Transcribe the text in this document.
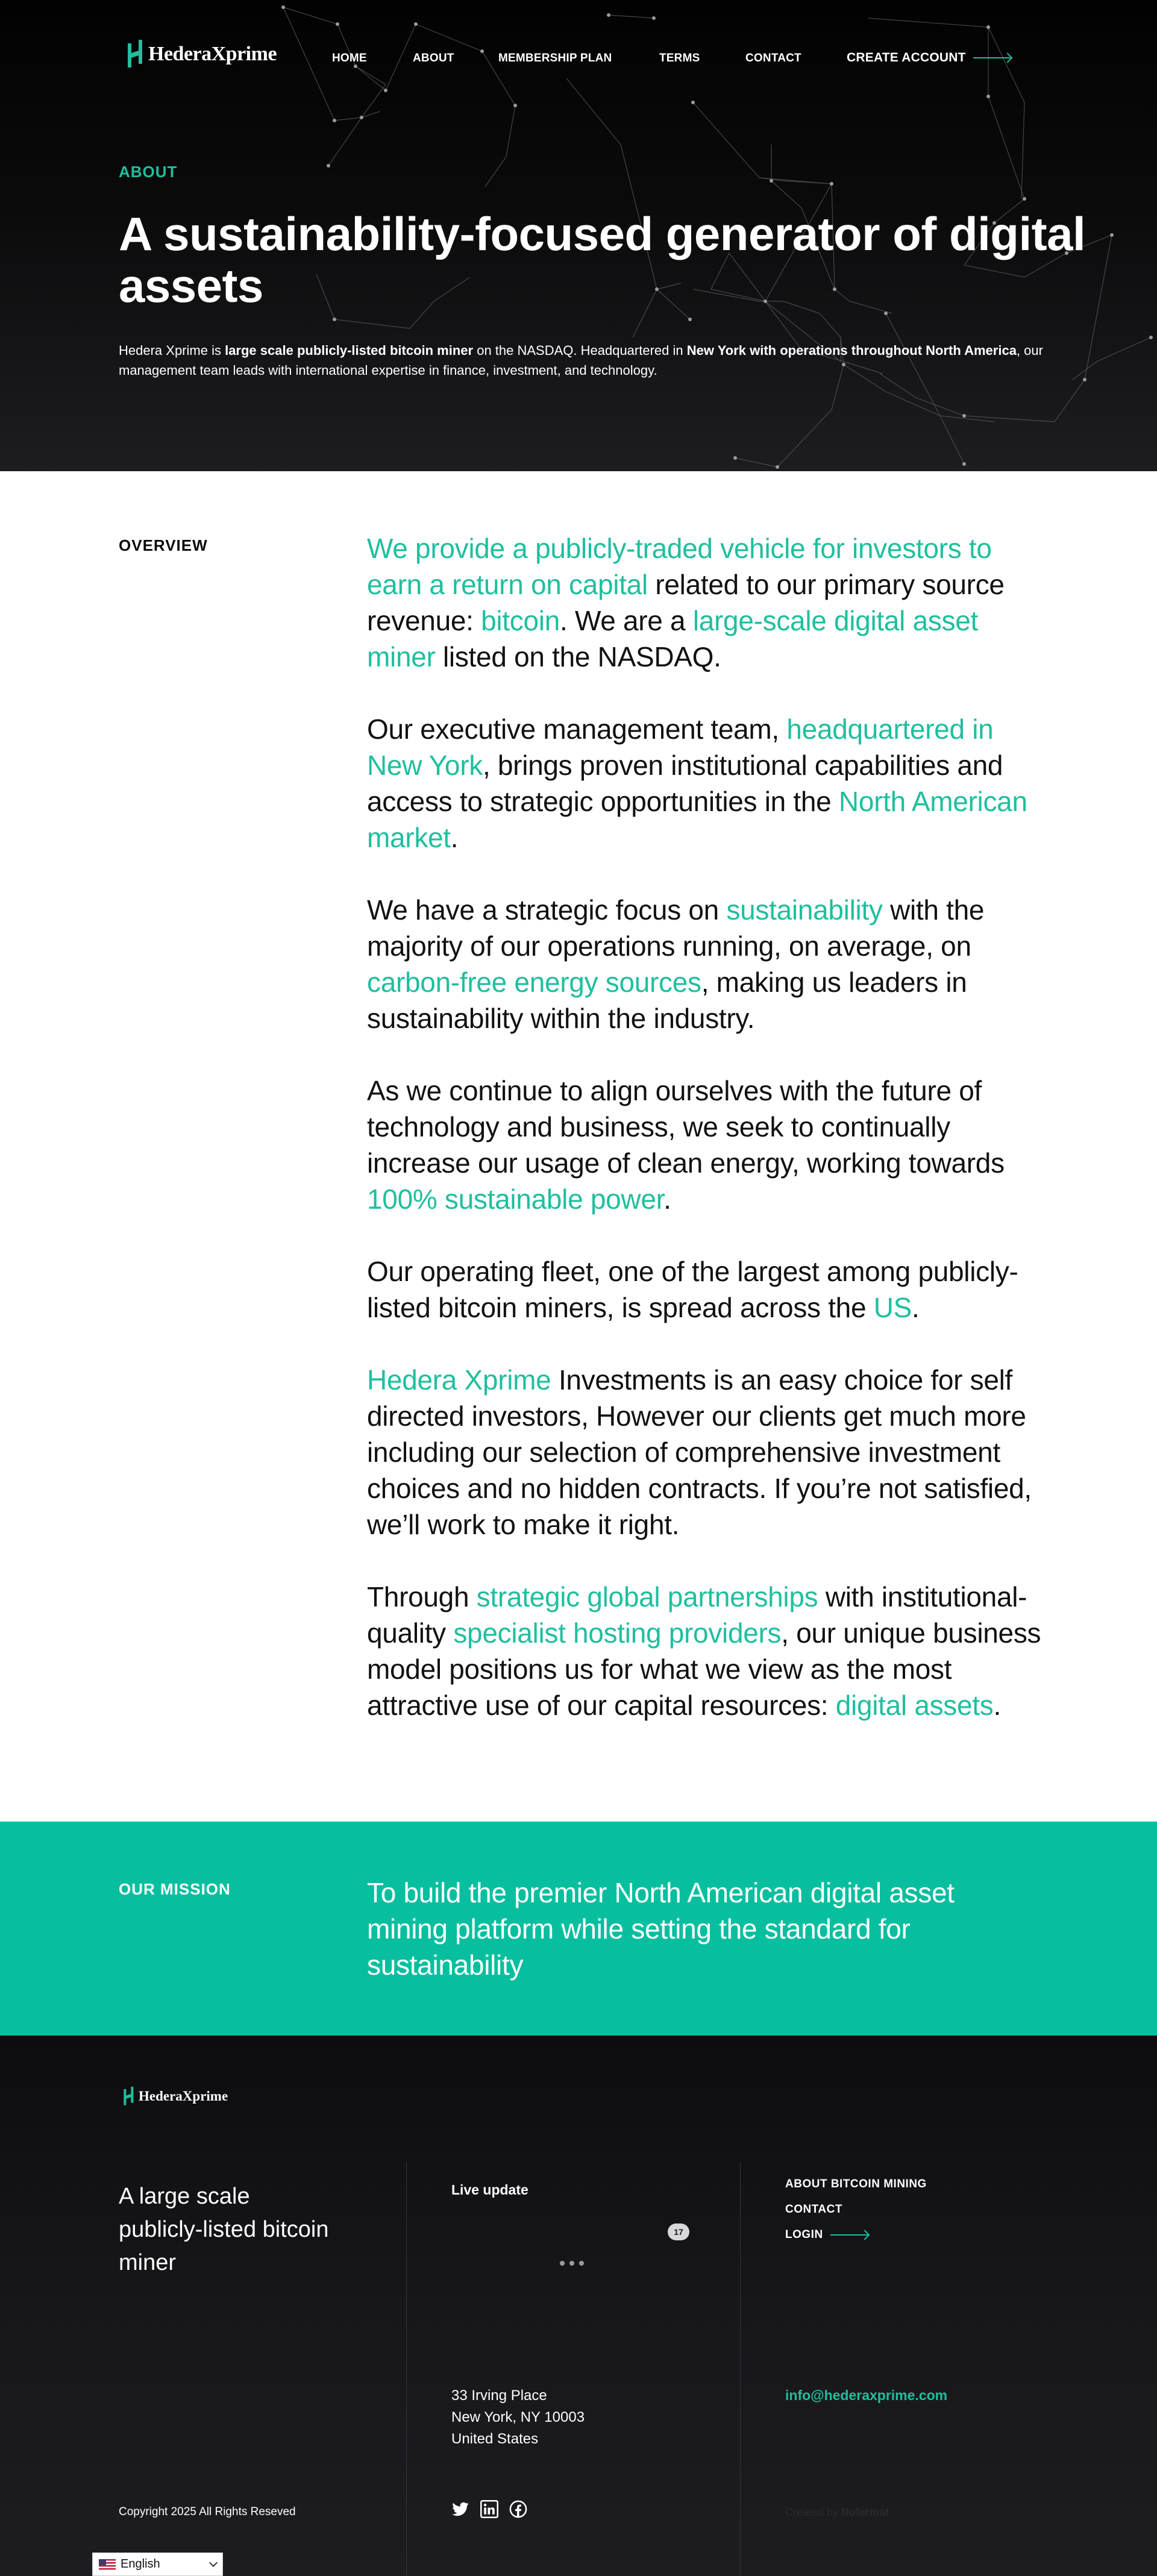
HederaXprime	HOME	ABOUT	MEMBERSHIP PLAN	TERMS	CONTACT	CREATE ACCOUNT
ABOUT
A sustainability-focused generator of digital assets

Hedera Xprime is large scale publicly-listed bitcoin miner on the NASDAQ. Headquartered in New York with operations throughout North America, our management team leads with international expertise in finance, investment, and technology.

OVERVIEW	We provide a publicly-traded vehicle for investors to earn a return on capital related to our primary source revenue: bitcoin. We are a large-scale digital asset miner listed on the NASDAQ.

Our executive management team, headquartered in New York, brings proven institutional capabilities and access to strategic opportunities in the North American market.

We have a strategic focus on sustainability with the majority of our operations running, on average, on carbon-free energy sources, making us leaders in sustainability within the industry.

As we continue to align ourselves with the future of technology and business, we seek to continually increase our usage of clean energy, working towards 100% sustainable power.

Our operating fleet, one of the largest among publicly-listed bitcoin miners, is spread across the US.

Hedera Xprime Investments is an easy choice for self directed investors, However our clients get much more including our selection of comprehensive investment choices and no hidden contracts. If you’re not satisfied, we’ll work to make it right.

Through strategic global partnerships with institutional-quality specialist hosting providers, our unique business model positions us for what we view as the most attractive use of our capital resources: digital assets.

OUR MISSION	To build the premier North American digital asset mining platform while setting the standard for sustainability
HederaXprime
A large scale publicly-listed bitcoin miner
Live update
17
33 Irving Place
New York, NY 10003
United States
ABOUT BITCOIN MINING
CONTACT
LOGIN
info@hederaxprime.com
Copyright 2025 All Rights Reseved	Created by Nofermat
English
